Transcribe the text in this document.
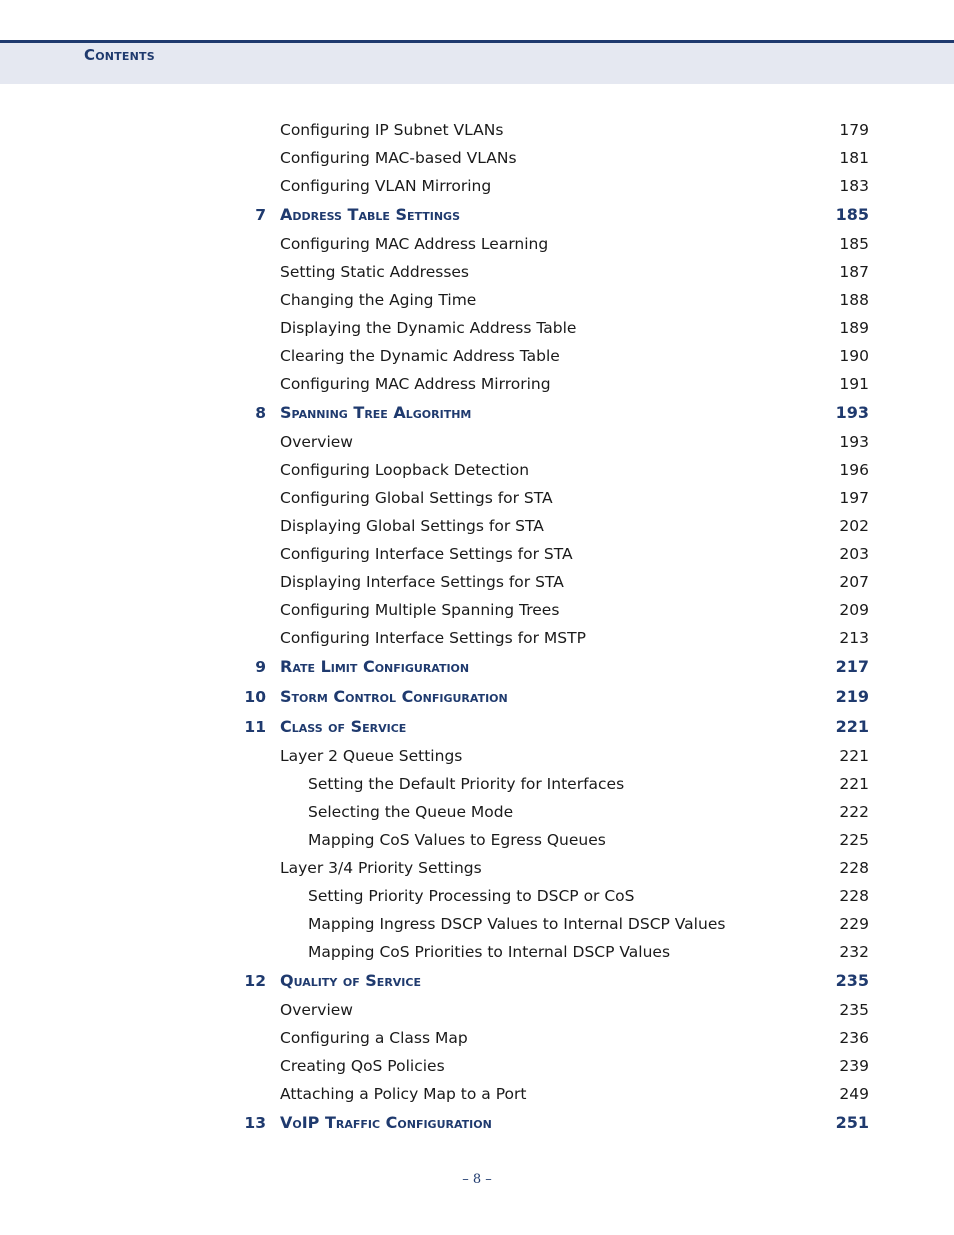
Contents
Configuring IP Subnet VLANs	179
Configuring MAC-based VLANs	181
Configuring VLAN Mirroring	183
7 Address Table Settings	185
Configuring MAC Address Learning	185
Setting Static Addresses	187
Changing the Aging Time	188
Displaying the Dynamic Address Table	189
Clearing the Dynamic Address Table	190
Configuring MAC Address Mirroring	191
8 Spanning Tree Algorithm	193
Overview	193
Configuring Loopback Detection	196
Configuring Global Settings for STA	197
Displaying Global Settings for STA	202
Configuring Interface Settings for STA	203
Displaying Interface Settings for STA	207
Configuring Multiple Spanning Trees	209
Configuring Interface Settings for MSTP	213
9 Rate Limit Configuration	217
10 Storm Control Configuration	219
11 Class of Service	221
Layer 2 Queue Settings	221
Setting the Default Priority for Interfaces	221
Selecting the Queue Mode	222
Mapping CoS Values to Egress Queues	225
Layer 3/4 Priority Settings	228
Setting Priority Processing to DSCP or CoS	228
Mapping Ingress DSCP Values to Internal DSCP Values	229
Mapping CoS Priorities to Internal DSCP Values	232
12 Quality of Service	235
Overview	235
Configuring a Class Map	236
Creating QoS Policies	239
Attaching a Policy Map to a Port	249
13 VoIP Traffic Configuration	251
– 8 –
